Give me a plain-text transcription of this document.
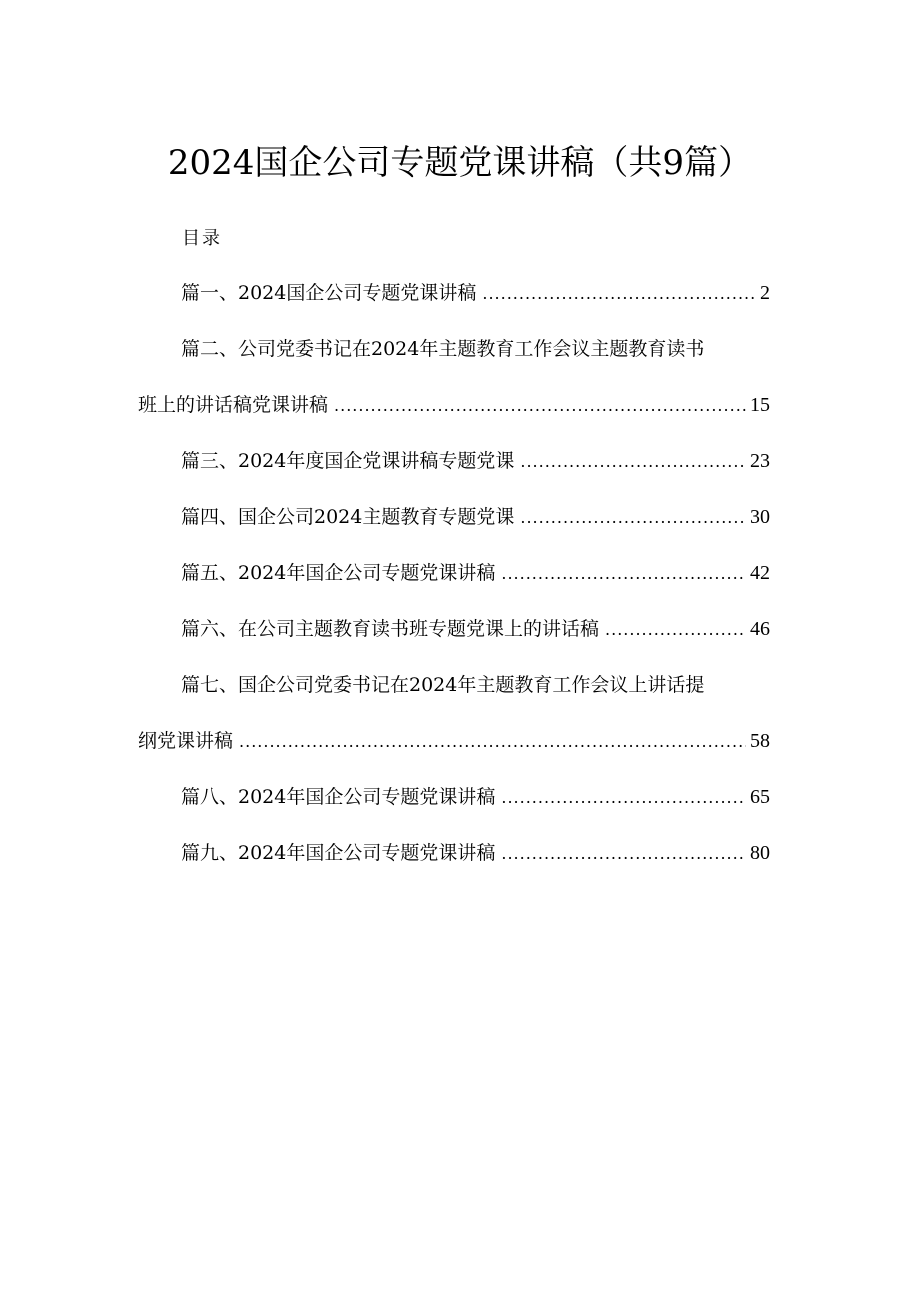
2024国企公司专题党课讲稿（共9篇）
目录
篇一、2024国企公司专题党课讲稿 .....	2
篇二、公司党委书记在2024年主题教育工作会议主题教育读书
班上的讲话稿党课讲稿 .....	15
篇三、2024年度国企党课讲稿专题党课 .....	23
篇四、国企公司2024主题教育专题党课 .....	30
篇五、2024年国企公司专题党课讲稿 .....	42
篇六、在公司主题教育读书班专题党课上的讲话稿 .....	46
篇七、国企公司党委书记在2024年主题教育工作会议上讲话提
纲党课讲稿 .....	58
篇八、2024年国企公司专题党课讲稿 .....	65
篇九、2024年国企公司专题党课讲稿 .....	80
